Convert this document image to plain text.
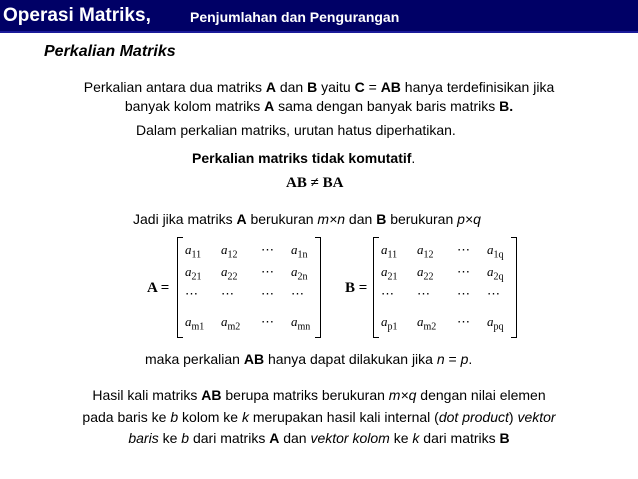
Operasi Matriks,	Penjumlahan dan Pengurangan
Perkalian Matriks
Perkalian antara dua matriks A dan B yaitu C = AB hanya terdefinisikan jika
banyak kolom matriks A sama dengan banyak baris matriks B.
Dalam perkalian matriks, urutan hatus diperhatikan.
Perkalian matriks tidak komutatif.
AB ≠ BA
Jadi jika matriks A berukuran m×n dan B berukuran p×q
A =
$a_{11}$ $a_{12}$ ⋯ $a_{1n}$
$a_{21}$ $a_{22}$ ⋯ $a_{2n}$
⋯ ⋯ ⋯ ⋯
$a_{m1}$ $a_{m2}$ ⋯ $a_{mn}$
B =
$a_{11}$ $a_{12}$ ⋯ $a_{1q}$
$a_{21}$ $a_{22}$ ⋯ $a_{2q}$
⋯ ⋯ ⋯ ⋯
$a_{p1}$ $a_{m2}$ ⋯ $a_{pq}$
maka perkalian AB hanya dapat dilakukan jika n = p.
Hasil kali matriks AB berupa matriks berukuran m×q dengan nilai elemen
pada baris ke b kolom ke k merupakan hasil kali internal (dot product) vektor
baris ke b dari matriks A dan vektor kolom ke k dari matriks B
